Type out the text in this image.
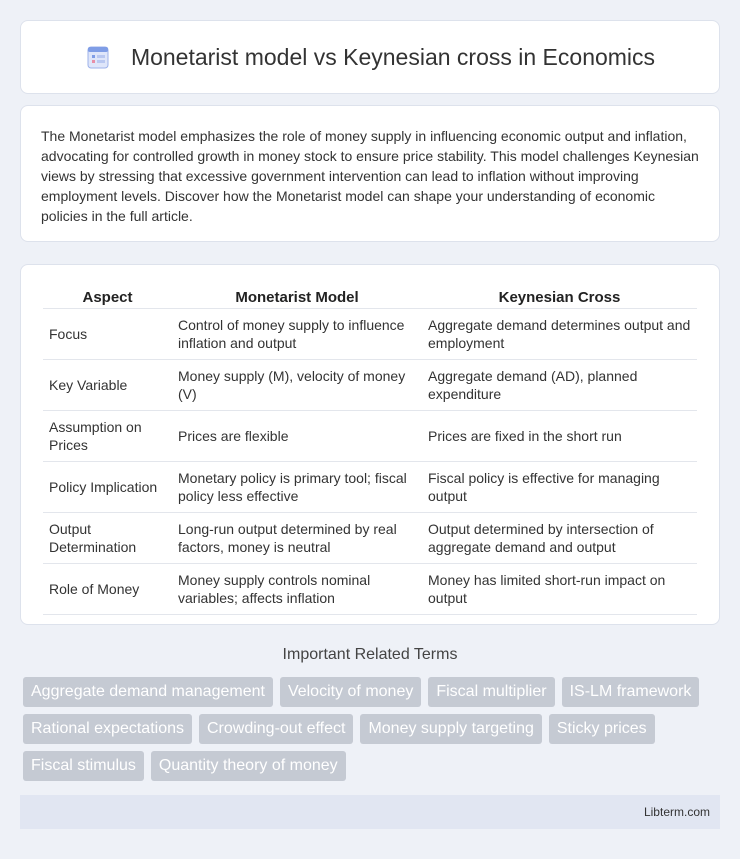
Monetarist model vs Keynesian cross in Economics

The Monetarist model emphasizes the role of money supply in influencing economic output and inflation, advocating for controlled growth in money stock to ensure price stability. This model challenges Keynesian views by stressing that excessive government intervention can lead to inflation without improving employment levels. Discover how the Monetarist model can shape your understanding of economic policies in the full article.

Aspect	Monetarist Model	Keynesian Cross
Focus	Control of money supply to influence inflation and output	Aggregate demand determines output and employment
Key Variable	Money supply (M), velocity of money (V)	Aggregate demand (AD), planned expenditure
Assumption on Prices	Prices are flexible	Prices are fixed in the short run
Policy Implication	Monetary policy is primary tool; fiscal policy less effective	Fiscal policy is effective for managing output
Output Determination	Long-run output determined by real factors, money is neutral	Output determined by intersection of aggregate demand and output
Role of Money	Money supply controls nominal variables; affects inflation	Money has limited short-run impact on output
Important Related Terms
Aggregate demand management	Velocity of money	Fiscal multiplier	IS-LM framework
Rational expectations	Crowding-out effect	Money supply targeting	Sticky prices
Fiscal stimulus	Quantity theory of money
Libterm.com
